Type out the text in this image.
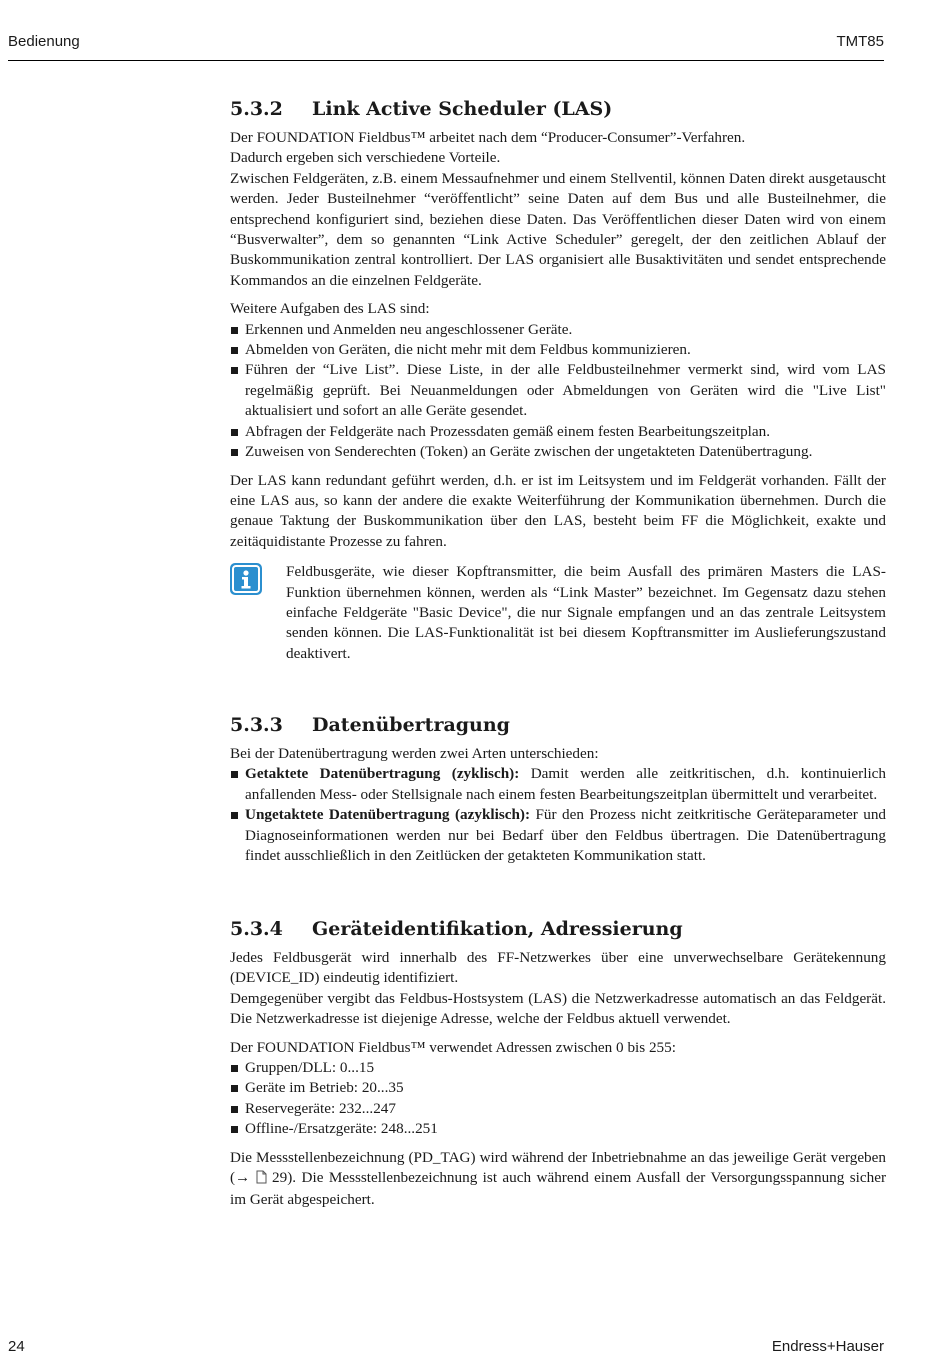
Bedienung	TMT85
5.3.2	Link Active Scheduler (LAS)

Der FOUNDATION Fieldbus™ arbeitet nach dem “Producer-Consumer”-Verfahren.

Dadurch ergeben sich verschiedene Vorteile.

Zwischen Feldgeräten, z.B. einem Messaufnehmer und einem Stellventil, können Daten direkt ausgetauscht werden. Jeder Busteilnehmer “veröffentlicht” seine Daten auf dem Bus und alle Busteilnehmer, die entsprechend konfiguriert sind, beziehen diese Daten. Das Veröffentlichen dieser Daten wird von einem “Busverwalter”, dem so genannten “Link Active Scheduler” geregelt, der den zeitlichen Ablauf der Buskommunikation zentral kontrolliert. Der LAS organisiert alle Busaktivitäten und sendet entsprechende Kommandos an die einzelnen Feldgeräte.

Weitere Aufgaben des LAS sind:

Erkennen und Anmelden neu angeschlossener Geräte.
Abmelden von Geräten, die nicht mehr mit dem Feldbus kommunizieren.
Führen der “Live List”. Diese Liste, in der alle Feldbusteilnehmer vermerkt sind, wird vom LAS regelmäßig geprüft. Bei Neuanmeldungen oder Abmeldungen von Geräten wird die "Live List" aktualisiert und sofort an alle Geräte gesendet.
Abfragen der Feldgeräte nach Prozessdaten gemäß einem festen Bearbeitungszeitplan.
Zuweisen von Senderechten (Token) an Geräte zwischen der ungetakteten Datenübertragung.

Der LAS kann redundant geführt werden, d.h. er ist im Leitsystem und im Feldgerät vorhanden. Fällt der eine LAS aus, so kann der andere die exakte Weiterführung der Kommunikation übernehmen. Durch die genaue Taktung der Buskommunikation über den LAS, besteht beim FF die Möglichkeit, exakte und zeitäquidistante Prozesse zu fahren.

Feldbusgeräte, wie dieser Kopftransmitter, die beim Ausfall des primären Masters die LAS-Funktion übernehmen können, werden als “Link Master” bezeichnet. Im Gegensatz dazu stehen einfache Feldgeräte "Basic Device", die nur Signale empfangen und an das zentrale Leitsystem senden können. Die LAS-Funktionalität ist bei diesem Kopftransmitter im Auslieferungszustand deaktivert.
5.3.3	Datenübertragung

Bei der Datenübertragung werden zwei Arten unterschieden:

Getaktete Datenübertragung (zyklisch): Damit werden alle zeitkritischen, d.h. kontinuierlich anfallenden Mess- oder Stellsignale nach einem festen Bearbeitungszeitplan übermittelt und verarbeitet.
Ungetaktete Datenübertragung (azyklisch): Für den Prozess nicht zeitkritische Geräteparameter und Diagnoseinformationen werden nur bei Bedarf über den Feldbus übertragen. Die Datenübertragung findet ausschließlich in den Zeitlücken der getakteten Kommunikation statt.
5.3.4	Geräteidentifikation, Adressierung

Jedes Feldbusgerät wird innerhalb des FF-Netzwerkes über eine unverwechselbare Gerätekennung (DEVICE_ID) eindeutig identifiziert.

Demgegenüber vergibt das Feldbus-Hostsystem (LAS) die Netzwerkadresse automatisch an das Feldgerät. Die Netzwerkadresse ist diejenige Adresse, welche der Feldbus aktuell verwendet.

Der FOUNDATION Fieldbus™ verwendet Adressen zwischen 0 bis 255:

Gruppen/DLL: 0...15
Geräte im Betrieb: 20...35
Reservegeräte: 232...247
Offline-/Ersatzgeräte: 248...251

Die Messstellenbezeichnung (PD_TAG) wird während der Inbetriebnahme an das jeweilige Gerät vergeben (→  29). Die Messstellenbezeichnung ist auch während einem Ausfall der Versorgungsspannung sicher im Gerät abgespeichert.

24	Endress+Hauser
